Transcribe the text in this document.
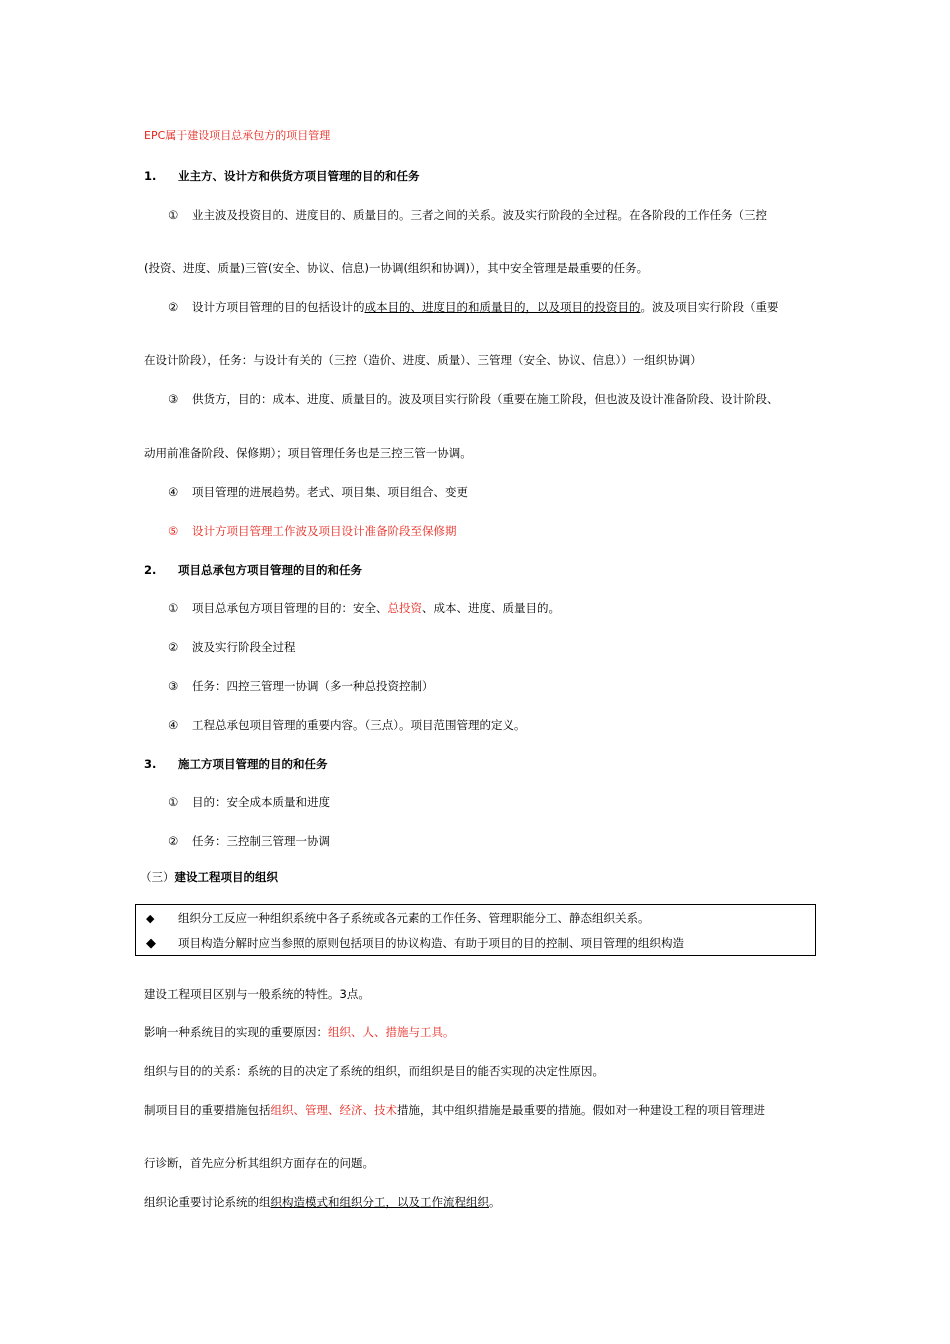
EPC属于建设项目总承包方的项目管理
1. 业主方、设计方和供货方项目管理的目的和任务
① 业主波及投资目的、进度目的、质量目的。三者之间的关系。波及实行阶段的全过程。在各阶段的工作任务（三控
(投资、进度、质量)三管(安全、协议、信息)一协调(组织和协调)），其中安全管理是最重要的任务。
② 设计方项目管理的目的包括设计的成本目的、进度目的和质量目的，以及项目的投资目的。波及项目实行阶段（重要
在设计阶段），任务：与设计有关的（三控（造价、进度、质量）、三管理（安全、协议、信息））一组织协调）
③ 供货方，目的：成本、进度、质量目的。波及项目实行阶段（重要在施工阶段，但也波及设计准备阶段、设计阶段、
动用前准备阶段、保修期）；项目管理任务也是三控三管一协调。
④ 项目管理的进展趋势。老式、项目集、项目组合、变更
⑤ 设计方项目管理工作波及项目设计准备阶段至保修期
2. 项目总承包方项目管理的目的和任务
① 项目总承包方项目管理的目的：安全、总投资、成本、进度、质量目的。
② 波及实行阶段全过程
③ 任务：四控三管理一协调（多一种总投资控制）
④ 工程总承包项目管理的重要内容。（三点）。项目范围管理的定义。
3. 施工方项目管理的目的和任务
① 目的：安全成本质量和进度
② 任务：三控制三管理一协调
（三）建设工程项目的组织
◆ 组织分工反应一种组织系统中各子系统或各元素的工作任务、管理职能分工、静态组织关系。
◆ 项目构造分解时应当参照的原则包括项目的协议构造、有助于项目的目的控制、项目管理的组织构造
建设工程项目区别与一般系统的特性。3点。
影响一种系统目的实现的重要原因：组织、人、措施与工具。
组织与目的的关系：系统的目的决定了系统的组织，而组织是目的能否实现的决定性原因。
制项目目的重要措施包括组织、管理、经济、技术措施，其中组织措施是最重要的措施。假如对一种建设工程的项目管理进
行诊断，首先应分析其组织方面存在的问题。
组织论重要讨论系统的组织构造模式和组织分工，以及工作流程组织。
